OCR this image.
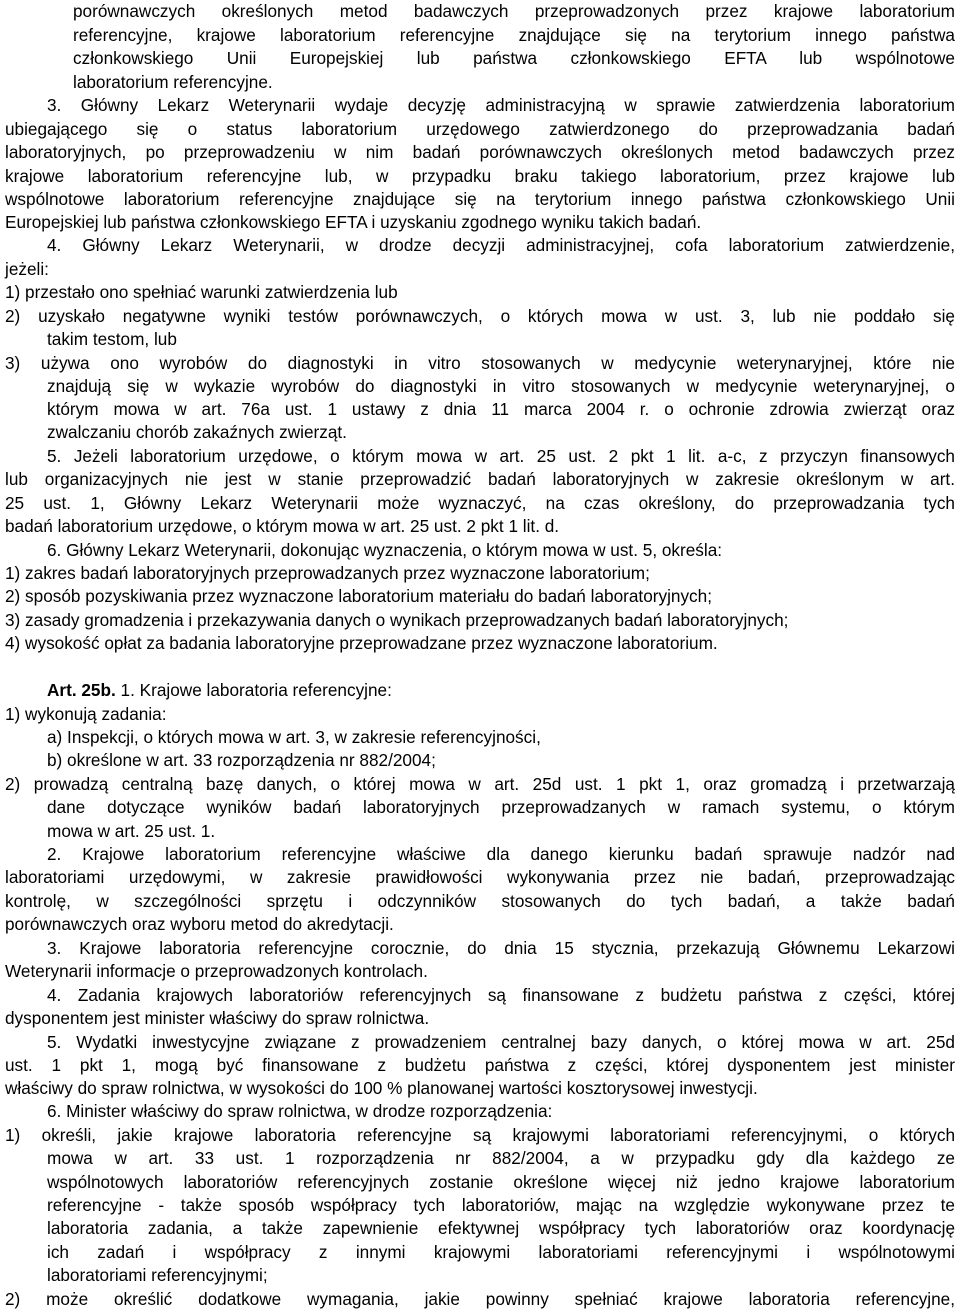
porównawczych określonych metod badawczych przeprowadzonych przez krajowe laboratorium
referencyjne, krajowe laboratorium referencyjne znajdujące się na terytorium innego państwa
członkowskiego Unii Europejskiej lub państwa członkowskiego EFTA lub wspólnotowe
laboratorium referencyjne.
3. Główny Lekarz Weterynarii wydaje decyzję administracyjną w sprawie zatwierdzenia laboratorium
ubiegającego się o status laboratorium urzędowego zatwierdzonego do przeprowadzania badań
laboratoryjnych, po przeprowadzeniu w nim badań porównawczych określonych metod badawczych przez
krajowe laboratorium referencyjne lub, w przypadku braku takiego laboratorium, przez krajowe lub
wspólnotowe laboratorium referencyjne znajdujące się na terytorium innego państwa członkowskiego Unii
Europejskiej lub państwa członkowskiego EFTA i uzyskaniu zgodnego wyniku takich badań.
4. Główny Lekarz Weterynarii, w drodze decyzji administracyjnej, cofa laboratorium zatwierdzenie,
jeżeli:
1) przestało ono spełniać warunki zatwierdzenia lub
2) uzyskało negatywne wyniki testów porównawczych, o których mowa w ust. 3, lub nie poddało się
takim testom, lub
3) używa ono wyrobów do diagnostyki in vitro stosowanych w medycynie weterynaryjnej, które nie
znajdują się w wykazie wyrobów do diagnostyki in vitro stosowanych w medycynie weterynaryjnej, o
którym mowa w art. 76a ust. 1 ustawy z dnia 11 marca 2004 r. o ochronie zdrowia zwierząt oraz
zwalczaniu chorób zakaźnych zwierząt.
5. Jeżeli laboratorium urzędowe, o którym mowa w art. 25 ust. 2 pkt 1 lit. a-c, z przyczyn finansowych
lub organizacyjnych nie jest w stanie przeprowadzić badań laboratoryjnych w zakresie określonym w art.
25 ust. 1, Główny Lekarz Weterynarii może wyznaczyć, na czas określony, do przeprowadzania tych
badań laboratorium urzędowe, o którym mowa w art. 25 ust. 2 pkt 1 lit. d.
6. Główny Lekarz Weterynarii, dokonując wyznaczenia, o którym mowa w ust. 5, określa:
1) zakres badań laboratoryjnych przeprowadzanych przez wyznaczone laboratorium;
2) sposób pozyskiwania przez wyznaczone laboratorium materiału do badań laboratoryjnych;
3) zasady gromadzenia i przekazywania danych o wynikach przeprowadzanych badań laboratoryjnych;
4) wysokość opłat za badania laboratoryjne przeprowadzane przez wyznaczone laboratorium.
Art. 25b. 1. Krajowe laboratoria referencyjne:
1) wykonują zadania:
a) Inspekcji, o których mowa w art. 3, w zakresie referencyjności,
b) określone w art. 33 rozporządzenia nr 882/2004;
2) prowadzą centralną bazę danych, o której mowa w art. 25d ust. 1 pkt 1, oraz gromadzą i przetwarzają
dane dotyczące wyników badań laboratoryjnych przeprowadzanych w ramach systemu, o którym
mowa w art. 25 ust. 1.
2. Krajowe laboratorium referencyjne właściwe dla danego kierunku badań sprawuje nadzór nad
laboratoriami urzędowymi, w zakresie prawidłowości wykonywania przez nie badań, przeprowadzając
kontrolę, w szczególności sprzętu i odczynników stosowanych do tych badań, a także badań
porównawczych oraz wyboru metod do akredytacji.
3. Krajowe laboratoria referencyjne corocznie, do dnia 15 stycznia, przekazują Głównemu Lekarzowi
Weterynarii informacje o przeprowadzonych kontrolach.
4. Zadania krajowych laboratoriów referencyjnych są finansowane z budżetu państwa z części, której
dysponentem jest minister właściwy do spraw rolnictwa.
5. Wydatki inwestycyjne związane z prowadzeniem centralnej bazy danych, o której mowa w art. 25d
ust. 1 pkt 1, mogą być finansowane z budżetu państwa z części, której dysponentem jest minister
właściwy do spraw rolnictwa, w wysokości do 100 % planowanej wartości kosztorysowej inwestycji.
6. Minister właściwy do spraw rolnictwa, w drodze rozporządzenia:
1) określi, jakie krajowe laboratoria referencyjne są krajowymi laboratoriami referencyjnymi, o których
mowa w art. 33 ust. 1 rozporządzenia nr 882/2004, a w przypadku gdy dla każdego ze
wspólnotowych laboratoriów referencyjnych zostanie określone więcej niż jedno krajowe laboratorium
referencyjne - także sposób współpracy tych laboratoriów, mając na względzie wykonywane przez te
laboratoria zadania, a także zapewnienie efektywnej współpracy tych laboratoriów oraz koordynację
ich zadań i współpracy z innymi krajowymi laboratoriami referencyjnymi i wspólnotowymi
laboratoriami referencyjnymi;
2) może określić dodatkowe wymagania, jakie powinny spełniać krajowe laboratoria referencyjne,
